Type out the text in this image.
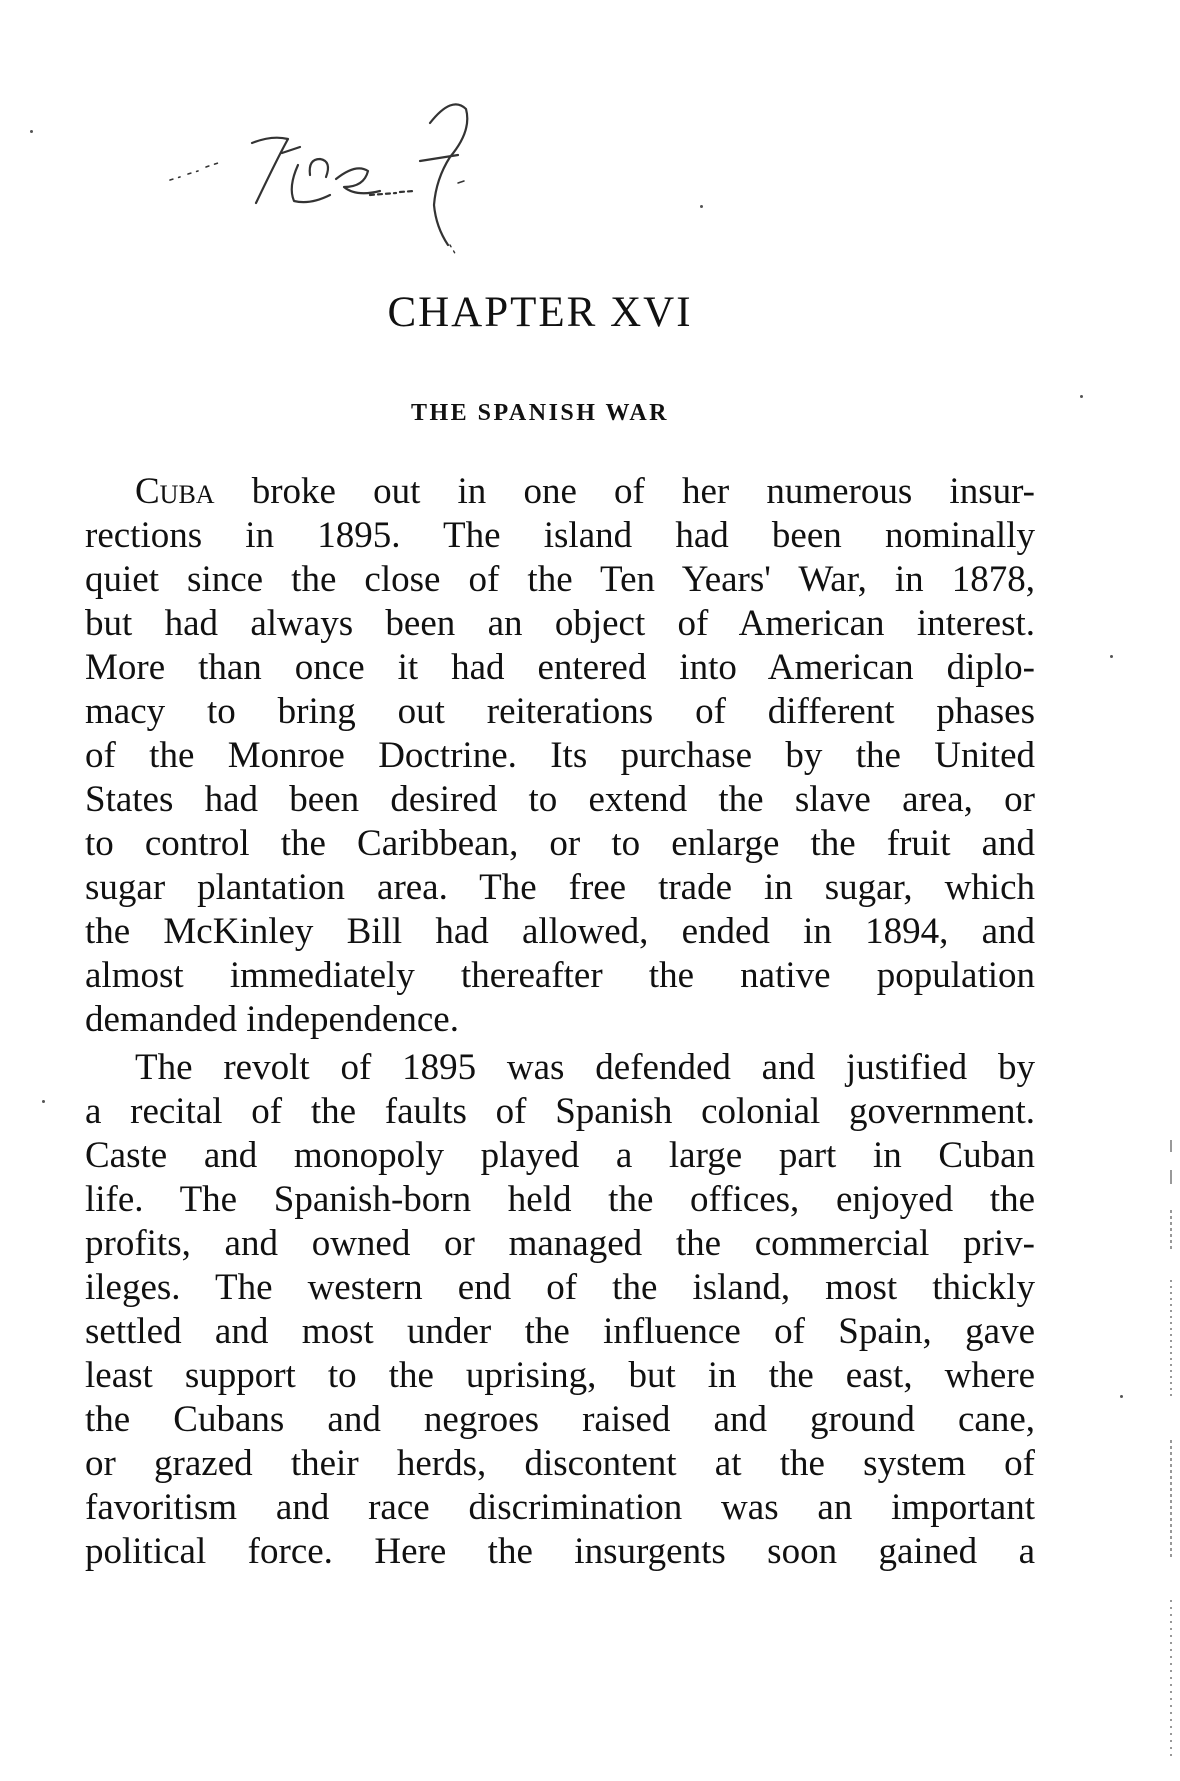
CHAPTER XVI
THE SPANISH WAR
Cuba broke out in one of her numerous insur-
rections in 1895. The island had been nominally
quiet since the close of the Ten Years' War, in 1878,
but had always been an object of American interest.
More than once it had entered into American diplo-
macy to bring out reiterations of different phases
of the Monroe Doctrine. Its purchase by the United
States had been desired to extend the slave area, or
to control the Caribbean, or to enlarge the fruit and
sugar plantation area. The free trade in sugar, which
the McKinley Bill had allowed, ended in 1894, and
almost immediately thereafter the native population
demanded independence.
The revolt of 1895 was defended and justified by
a recital of the faults of Spanish colonial government.
Caste and monopoly played a large part in Cuban
life. The Spanish-born held the offices, enjoyed the
profits, and owned or managed the commercial priv-
ileges. The western end of the island, most thickly
settled and most under the influence of Spain, gave
least support to the uprising, but in the east, where
the Cubans and negroes raised and ground cane,
or grazed their herds, discontent at the system of
favoritism and race discrimination was an important
political force. Here the insurgents soon gained a
